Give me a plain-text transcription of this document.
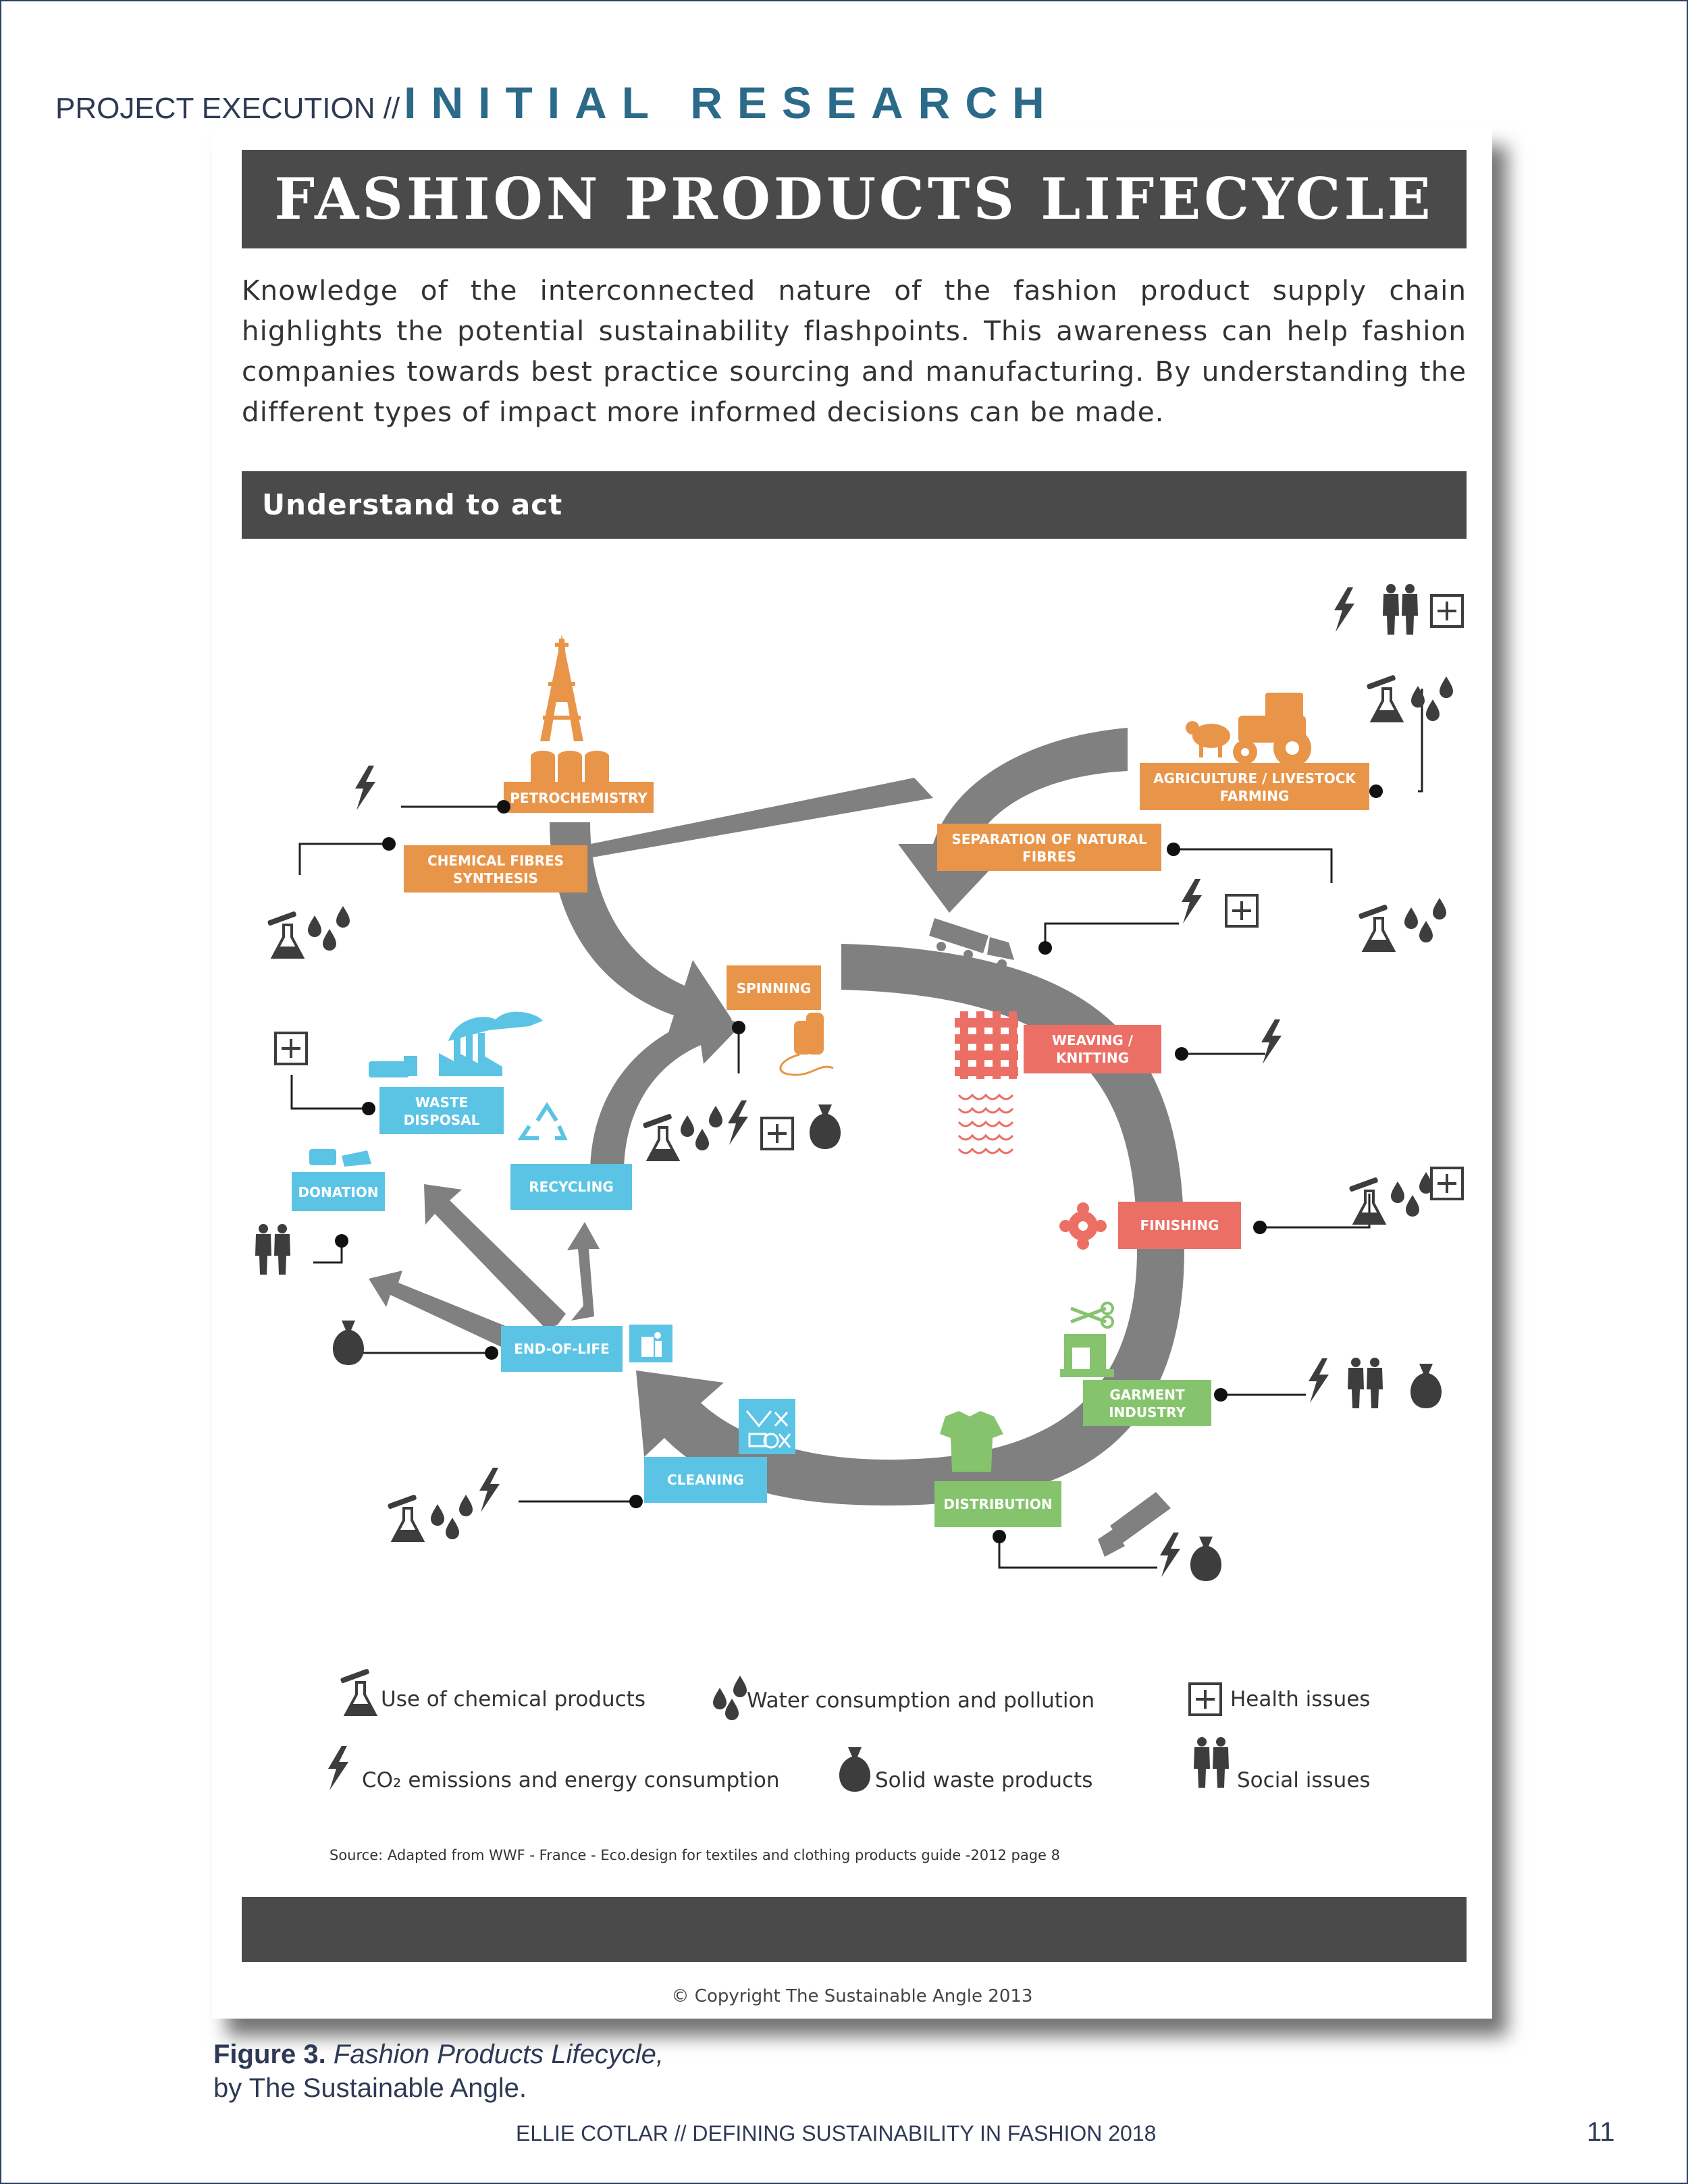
PROJECT EXECUTION //INITIAL RESEARCH
FASHION PRODUCTS LIFECYCLE
Knowledge of the interconnected nature of the fashion product supply chain highlights the potential sustainability flashpoints. This awareness can help fashion companies towards best practice sourcing and manufacturing. By understanding the different types of impact more informed decisions can be made.
Understand to act
PETROCHEMISTRY
CHEMICAL FIBRES
SYNTHESIS
AGRICULTURE / LIVESTOCK
FARMING
SEPARATION OF NATURAL
FIBRES
SPINNING
WEAVING /
KNITTING
FINISHING
GARMENT
INDUSTRY
DISTRIBUTION
CLEANING
END-OF-LIFE
RECYCLING
DONATION
WASTE
DISPOSAL
Use of chemical products	Water consumption and pollution	Health issues
CO₂ emissions and energy consumption	Solid waste products	Social issues
Source: Adapted from WWF - France - Eco.design for textiles and clothing products guide -2012 page 8
© Copyright The Sustainable Angle 2013
Figure 3. Fashion Products Lifecycle,
by The Sustainable Angle.
ELLIE COTLAR // DEFINING SUSTAINABILITY IN FASHION 2018	11
